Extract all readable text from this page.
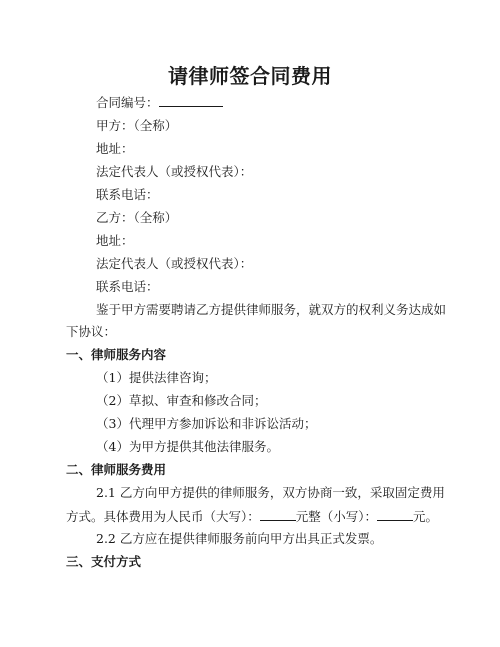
请律师签合同费用
合同编号：
甲方：（全称）
地址：
法定代表人（或授权代表）：
联系电话：
乙方：（全称）
地址：
法定代表人（或授权代表）：
联系电话：
鉴于甲方需要聘请乙方提供律师服务，就双方的权利义务达成如
下协议：
一、律师服务内容
（1）提供法律咨询；
（2）草拟、审查和修改合同；
（3）代理甲方参加诉讼和非诉讼活动；
（4）为甲方提供其他法律服务。
二、律师服务费用
2.1 乙方向甲方提供的律师服务，双方协商一致，采取固定费用
方式。具体费用为人民币（大写）：	元整（小写）：	元。
2.2 乙方应在提供律师服务前向甲方出具正式发票。
三、支付方式
